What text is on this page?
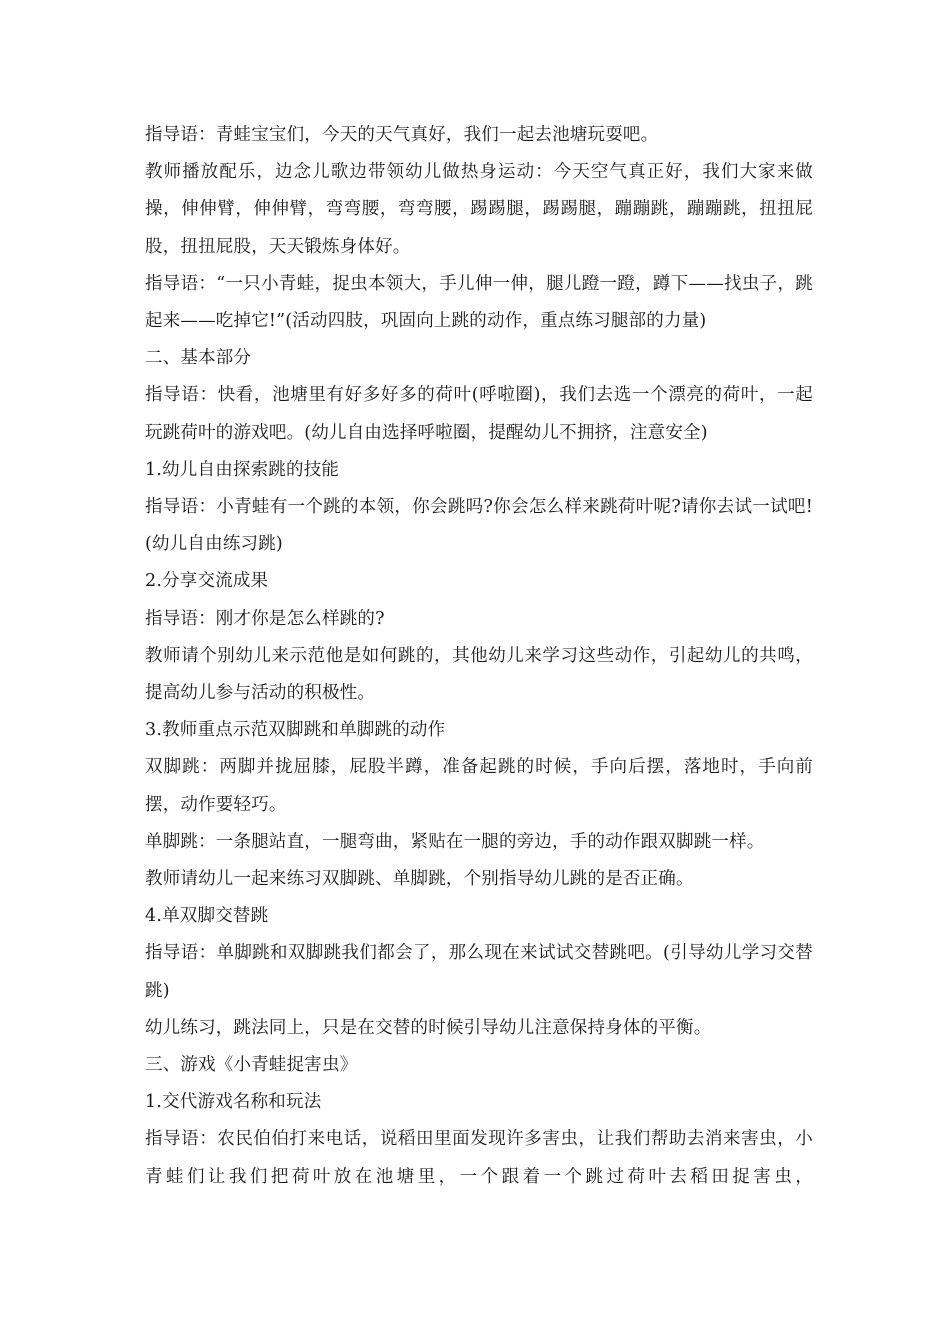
指导语：青蛙宝宝们，今天的天气真好，我们一起去池塘玩耍吧。

教师播放配乐，边念儿歌边带领幼儿做热身运动：今天空气真正好，我们大家来做操，伸伸臂，伸伸臂，弯弯腰，弯弯腰，踢踢腿，踢踢腿，蹦蹦跳，蹦蹦跳，扭扭屁股，扭扭屁股，天天锻炼身体好。

指导语：“一只小青蛙，捉虫本领大，手儿伸一伸，腿儿蹬一蹬，蹲下——找虫子，跳起来——吃掉它!”(活动四肢，巩固向上跳的动作，重点练习腿部的力量)

二、基本部分

指导语：快看，池塘里有好多好多的荷叶(呼啦圈)，我们去选一个漂亮的荷叶，一起玩跳荷叶的游戏吧。(幼儿自由选择呼啦圈，提醒幼儿不拥挤，注意安全)

1.幼儿自由探索跳的技能

指导语：小青蛙有一个跳的本领，你会跳吗?你会怎么样来跳荷叶呢?请你去试一试吧!(幼儿自由练习跳)

2.分享交流成果

指导语：刚才你是怎么样跳的?

教师请个别幼儿来示范他是如何跳的，其他幼儿来学习这些动作，引起幼儿的共鸣，提高幼儿参与活动的积极性。

3.教师重点示范双脚跳和单脚跳的动作

双脚跳：两脚并拢屈膝，屁股半蹲，准备起跳的时候，手向后摆，落地时，手向前摆，动作要轻巧。

单脚跳：一条腿站直，一腿弯曲，紧贴在一腿的旁边，手的动作跟双脚跳一样。

教师请幼儿一起来练习双脚跳、单脚跳，个别指导幼儿跳的是否正确。

4.单双脚交替跳

指导语：单脚跳和双脚跳我们都会了，那么现在来试试交替跳吧。(引导幼儿学习交替跳)

幼儿练习，跳法同上，只是在交替的时候引导幼儿注意保持身体的平衡。

三、游戏《小青蛙捉害虫》

1.交代游戏名称和玩法

指导语：农民伯伯打来电话，说稻田里面发现许多害虫，让我们帮助去消来害虫，小青蛙们让我们把荷叶放在池塘里，一个跟着一个跳过荷叶去稻田捉害虫，
